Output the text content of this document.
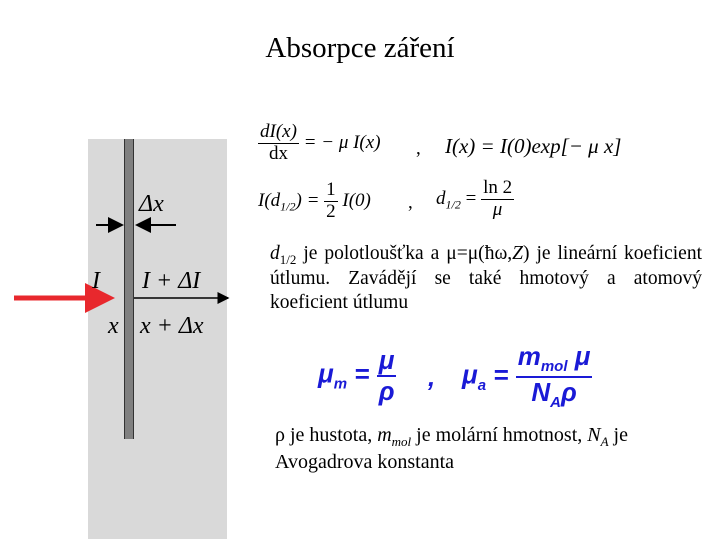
Absorpce záření
Δx
I I + ΔI
x x + Δx
$\frac{dI(x)}{dx}$ = − μ I(x) , I(x) = I(0)exp[− μ x]
$I(d_{1/2}) = \frac{1}{2} I(0)$ , $d_{1/2} = \frac{\ln 2}{\mu}$
$d_{1/2}$ je polotloušťka a μ=μ(ħω,Z) je lineární koeficient útlumu. Zavádějí se také hmotový a atomový koeficient útlumu
$\mu_m = \frac{\mu}{\rho}$ , $\mu_a = \frac{m_{mol} \mu}{N_A\rho}$
ρ je hustota, $m_{mol}$ je molární hmotnost, $N_A$ je Avogadrova konstanta
